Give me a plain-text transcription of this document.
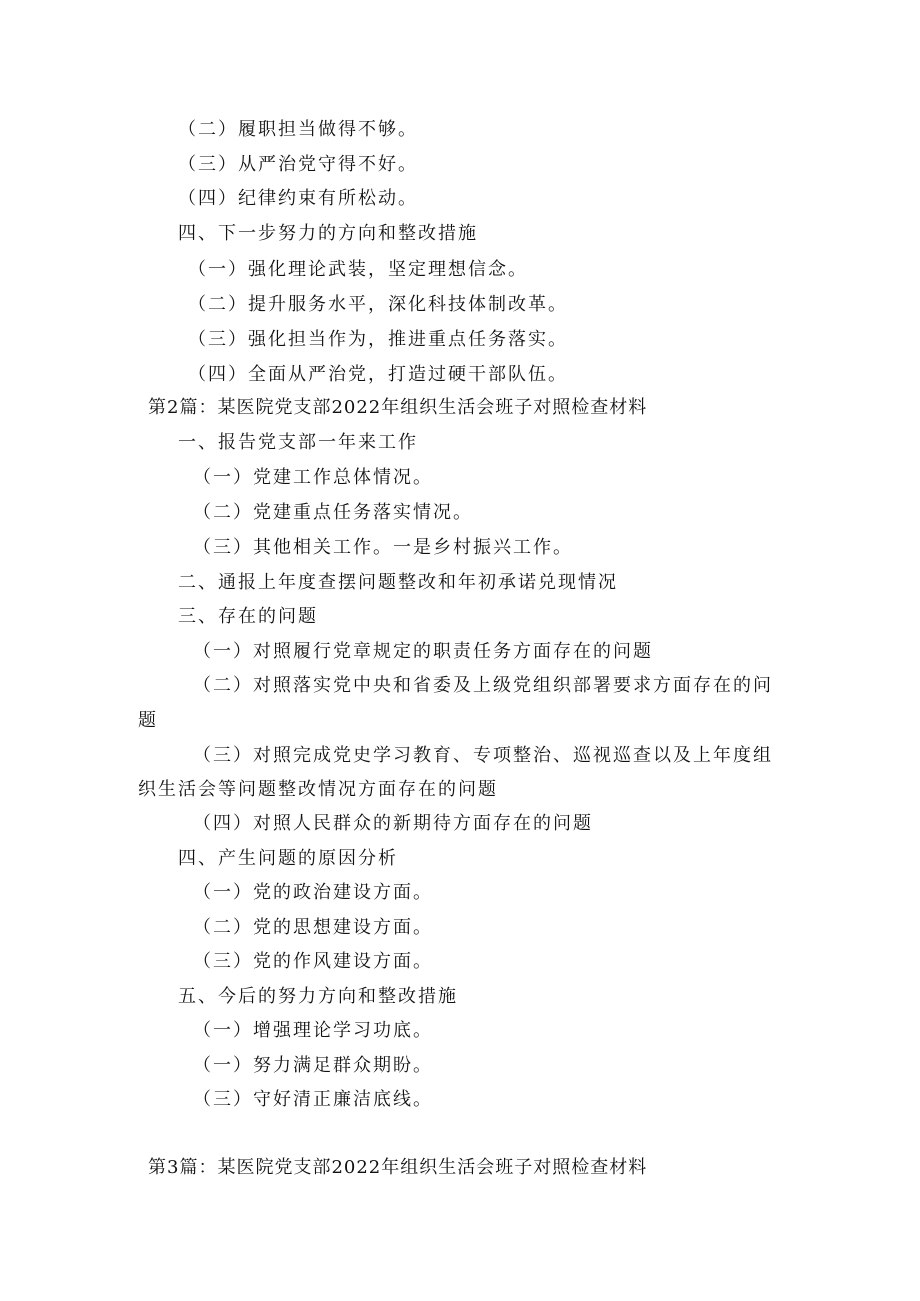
（二）履职担当做得不够。
（三）从严治党守得不好。
（四）纪律约束有所松动。
四、下一步努力的方向和整改措施
（一）强化理论武装，坚定理想信念。
（二）提升服务水平，深化科技体制改革。
（三）强化担当作为，推进重点任务落实。
（四）全面从严治党，打造过硬干部队伍。
第2篇：某医院党支部2022年组织生活会班子对照检查材料
一、报告党支部一年来工作
（一）党建工作总体情况。
（二）党建重点任务落实情况。
（三）其他相关工作。一是乡村振兴工作。
二、通报上年度查摆问题整改和年初承诺兑现情况
三、存在的问题
（一）对照履行党章规定的职责任务方面存在的问题
（二）对照落实党中央和省委及上级党组织部署要求方面存在的问
题
（三）对照完成党史学习教育、专项整治、巡视巡查以及上年度组
织生活会等问题整改情况方面存在的问题
（四）对照人民群众的新期待方面存在的问题
四、产生问题的原因分析
（一）党的政治建设方面。
（二）党的思想建设方面。
（三）党的作风建设方面。
五、今后的努力方向和整改措施
（一）增强理论学习功底。
（一）努力满足群众期盼。
（三）守好清正廉洁底线。
第3篇：某医院党支部2022年组织生活会班子对照检查材料
